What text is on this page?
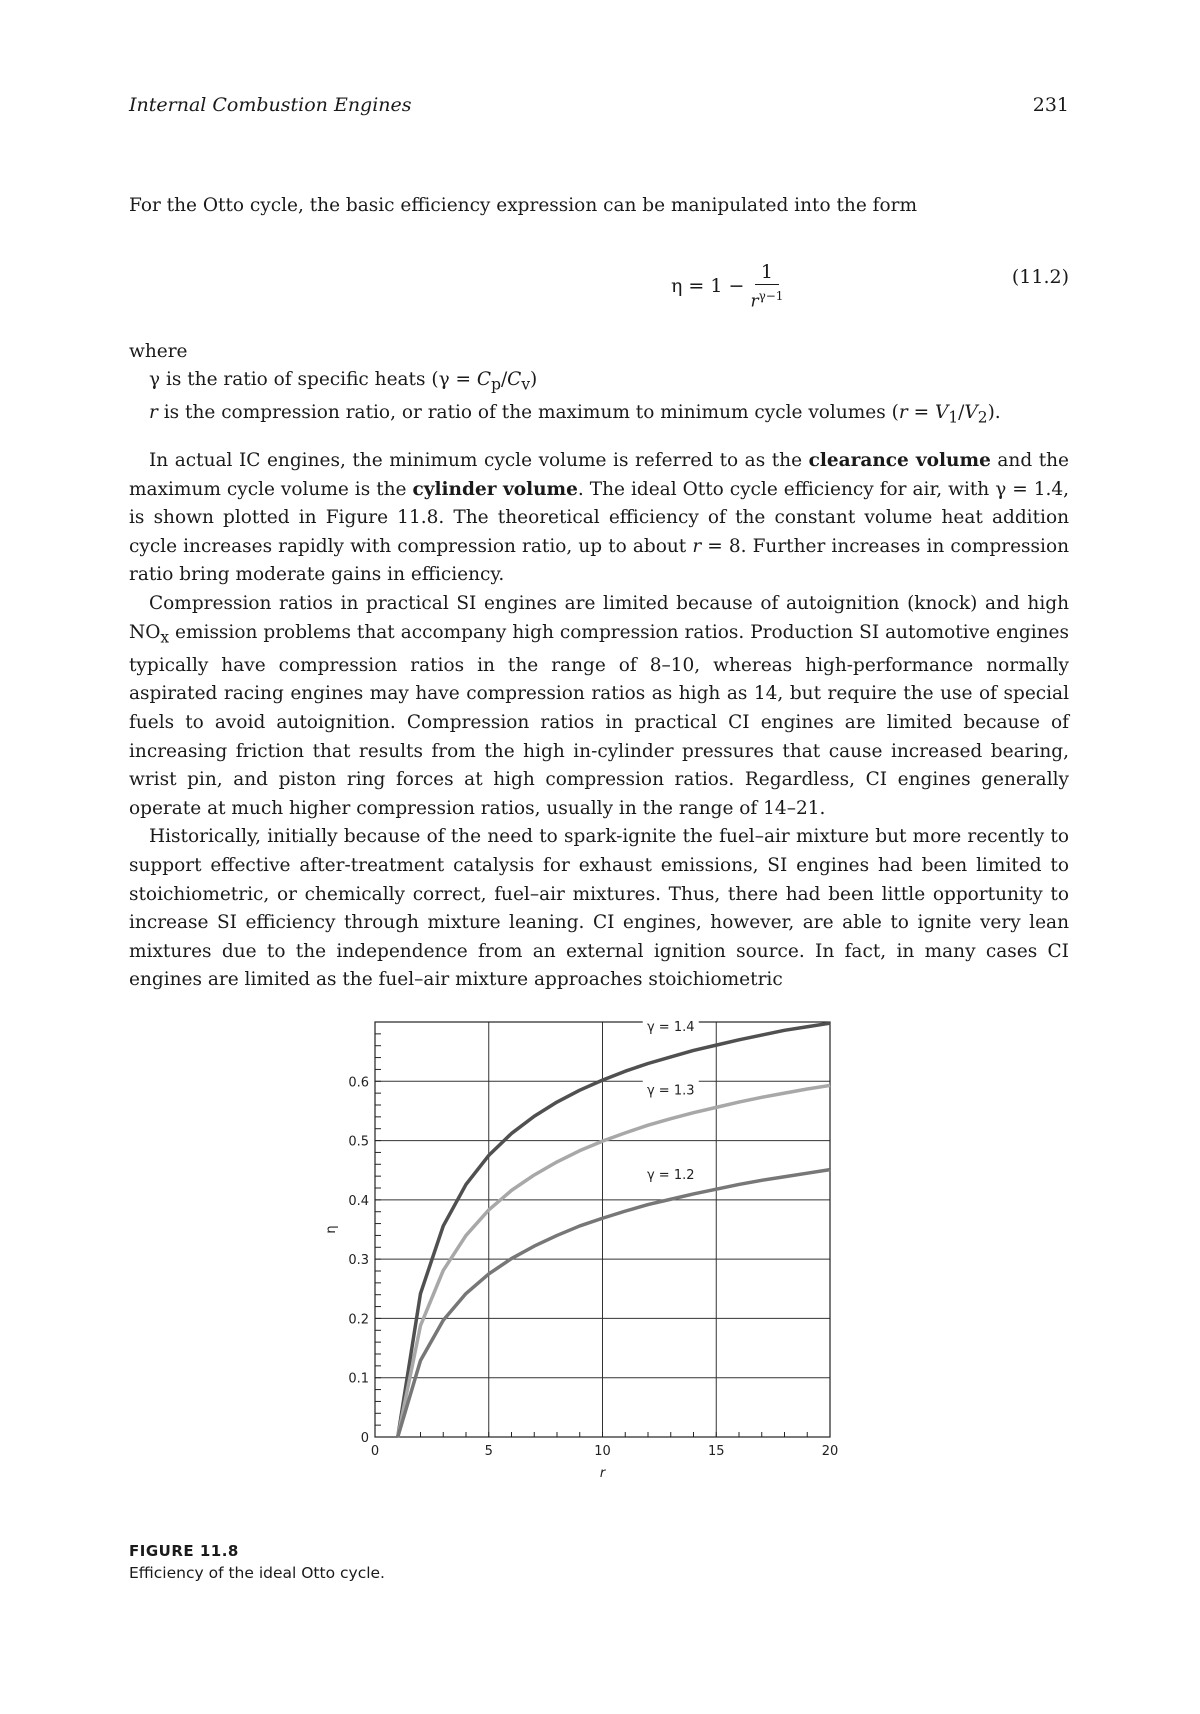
Internal Combustion Engines	231
For the Otto cycle, the basic efficiency expression can be manipulated into the form
$\eta = 1 - \frac{1}{r^{\gamma-1}}$	(11.2)
where
γ is the ratio of specific heats $(\gamma = C_p/C_v)$
r is the compression ratio, or ratio of the maximum to minimum cycle volumes $(r = V_1/V_2)$.

In actual IC engines, the minimum cycle volume is referred to as the clearance volume and the maximum cycle volume is the cylinder volume. The ideal Otto cycle efficiency for air, with γ = 1.4, is shown plotted in Figure 11.8. The theoretical efficiency of the constant volume heat addition cycle increases rapidly with compression ratio, up to about r = 8. Further increases in compression ratio bring moderate gains in efficiency.

Compression ratios in practical SI engines are limited because of autoignition (knock) and high $NO_x$ emission problems that accompany high compression ratios. Production SI automotive engines typically have compression ratios in the range of 8–10, whereas high-performance normally aspirated racing engines may have compression ratios as high as 14, but require the use of special fuels to avoid autoignition. Compression ratios in practical CI engines are limited because of increasing friction that results from the high in-cylinder pressures that cause increased bearing, wrist pin, and piston ring forces at high compression ratios. Regardless, CI engines generally operate at much higher compression ratios, usually in the range of 14–21.

Historically, initially because of the need to spark-ignite the fuel–air mixture but more recently to support effective after-treatment catalysis for exhaust emissions, SI engines had been limited to stoichiometric, or chemically correct, fuel–air mixtures. Thus, there had been little opportunity to increase SI efficiency through mixture leaning. CI engines, however, are able to ignite very lean mixtures due to the independence from an external ignition source. In fact, in many cases CI engines are limited as the fuel–air mixture approaches stoichiometric

0	5	10	15	20
0
0.1
0.2
0.3
0.4
0.5
0.6
r
η
γ = 1.4
γ = 1.3
γ = 1.2
FIGURE 11.8
Efficiency of the ideal Otto cycle.
